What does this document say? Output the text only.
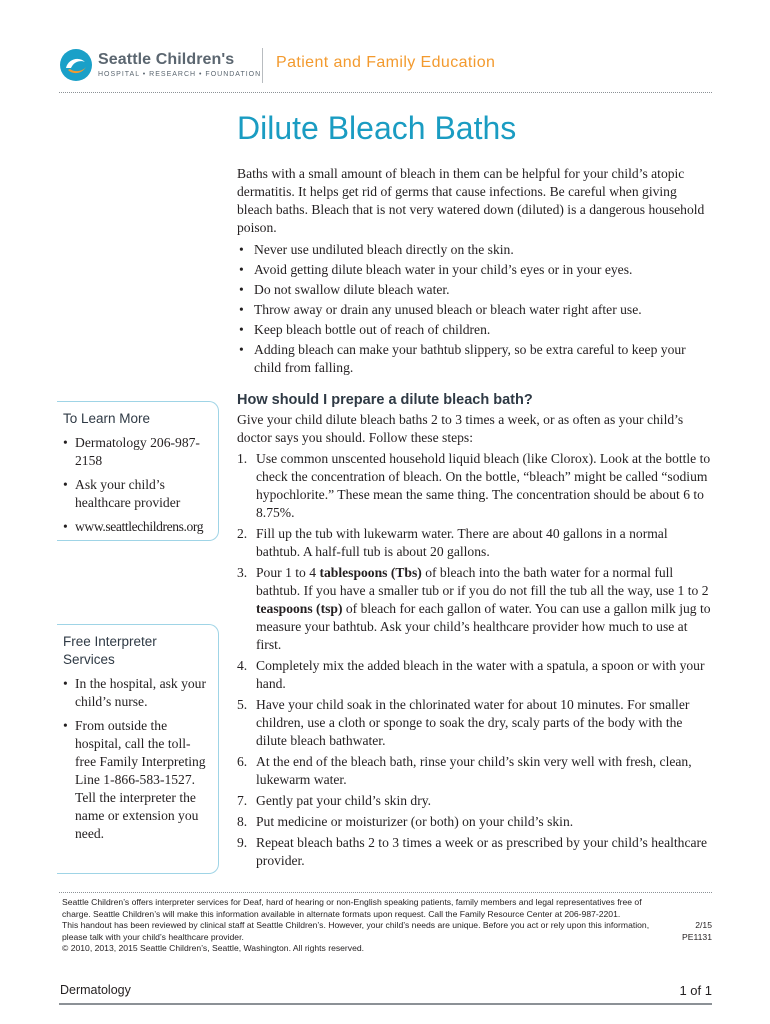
Seattle Children's
HOSPITAL • RESEARCH • FOUNDATION
Patient and Family Education
Dilute Bleach Baths

Baths with a small amount of bleach in them can be helpful for your child’s atopic dermatitis. It helps get rid of germs that cause infections. Be careful when giving bleach baths. Bleach that is not very watered down (diluted) is a dangerous household poison.

• Never use undiluted bleach directly on the skin.
• Avoid getting dilute bleach water in your child’s eyes or in your eyes.
• Do not swallow dilute bleach water.
• Throw away or drain any unused bleach or bleach water right after use.
• Keep bleach bottle out of reach of children.
• Adding bleach can make your bathtub slippery, so be extra careful to keep your child from falling.
How should I prepare a dilute bleach bath?

Give your child dilute bleach baths 2 to 3 times a week, or as often as your child’s doctor says you should. Follow these steps:

1. Use common unscented household liquid bleach (like Clorox). Look at the bottle to check the concentration of bleach. On the bottle, “bleach” might be called “sodium hypochlorite.” These mean the same thing. The concentration should be about 6 to 8.75%.
2. Fill up the tub with lukewarm water. There are about 40 gallons in a normal bathtub. A half-full tub is about 20 gallons.
3. Pour 1 to 4 tablespoons (Tbs) of bleach into the bath water for a normal full bathtub. If you have a smaller tub or if you do not fill the tub all the way, use 1 to 2 teaspoons (tsp) of bleach for each gallon of water. You can use a gallon milk jug to measure your bathtub. Ask your child’s healthcare provider how much to use at first.
4. Completely mix the added bleach in the water with a spatula, a spoon or with your hand.
5. Have your child soak in the chlorinated water for about 10 minutes. For smaller children, use a cloth or sponge to soak the dry, scaly parts of the body with the dilute bleach bathwater.
6. At the end of the bleach bath, rinse your child’s skin very well with fresh, clean, lukewarm water.
7. Gently pat your child’s skin dry.
8. Put medicine or moisturizer (or both) on your child’s skin.
9. Repeat bleach baths 2 to 3 times a week or as prescribed by your child’s healthcare provider.
To Learn More
• Dermatology 206-987-2158
• Ask your child’s healthcare provider
• www.seattlechildrens.org
Free Interpreter Services
• In the hospital, ask your child’s nurse.
• From outside the hospital, call the toll-free Family Interpreting Line 1-866-583-1527. Tell the interpreter the name or extension you need.

Seattle Children’s offers interpreter services for Deaf, hard of hearing or non-English speaking patients, family members and legal representatives free of charge. Seattle Children’s will make this information available in alternate formats upon request. Call the Family Resource Center at 206-987-2201.

This handout has been reviewed by clinical staff at Seattle Children’s. However, your child’s needs are unique. Before you act or rely upon this information, please talk with your child’s healthcare provider.

© 2010, 2013, 2015 Seattle Children’s, Seattle, Washington. All rights reserved.

2/15
PE1131
Dermatology	1 of 1
